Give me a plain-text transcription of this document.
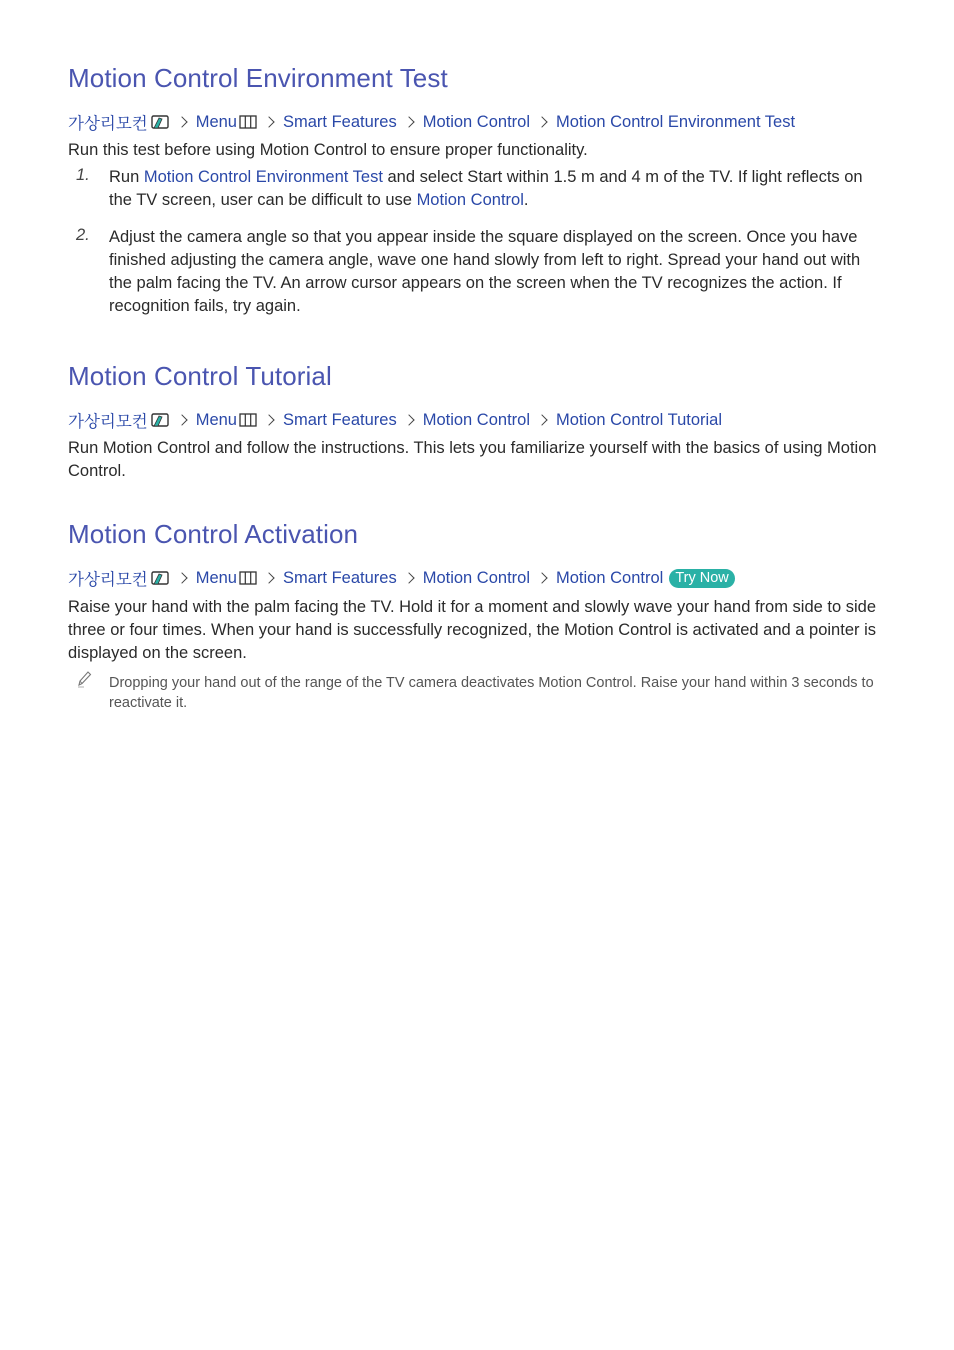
Motion Control Environment Test
가상리모컨	Menu	Smart Features Motion Control Motion Control Environment Test

Run this test before using Motion Control to ensure proper functionality.

1. Run Motion Control Environment Test and select Start within 1.5 m and 4 m of the TV. If light reflects on the TV screen, user can be difficult to use Motion Control.

2. Adjust the camera angle so that you appear inside the square displayed on the screen. Once you have finished adjusting the camera angle, wave one hand slowly from left to right. Spread your hand out with the palm facing the TV. An arrow cursor appears on the screen when the TV recognizes the action. If recognition fails, try again.

Motion Control Tutorial
가상리모컨	Menu	Smart Features Motion Control Motion Control Tutorial

Run Motion Control and follow the instructions. This lets you familiarize yourself with the basics of using Motion Control.

Motion Control Activation
가상리모컨	Menu	Smart Features Motion Control Motion Control Try Now

Raise your hand with the palm facing the TV. Hold it for a moment and slowly wave your hand from side to side three or four times. When your hand is successfully recognized, the Motion Control is activated and a pointer is displayed on the screen.

Dropping your hand out of the range of the TV camera deactivates Motion Control. Raise your hand within 3 seconds to reactivate it.
